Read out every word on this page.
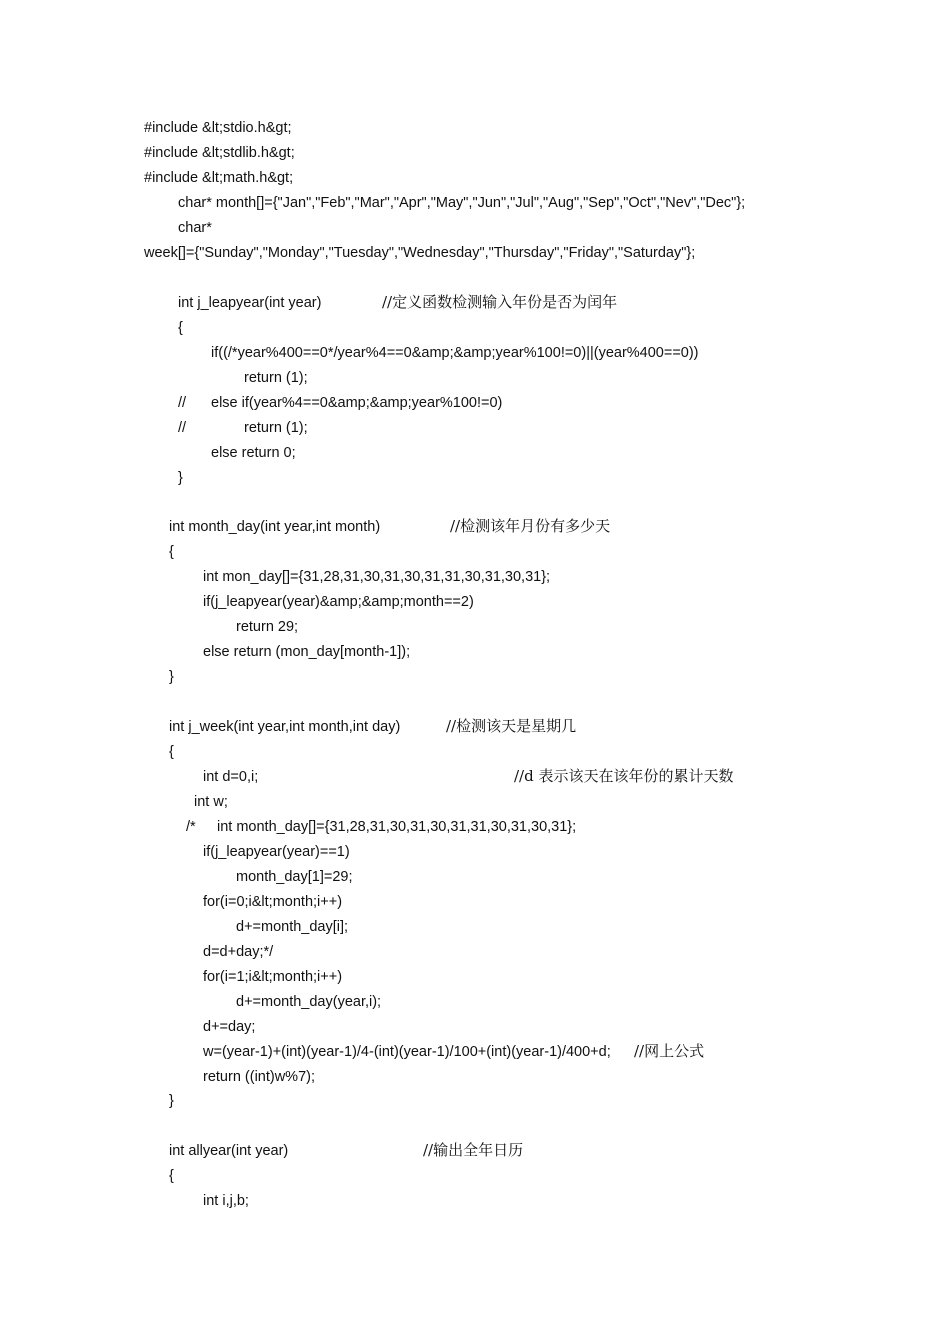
#include &lt;stdio.h&gt;
#include &lt;stdlib.h&gt;
#include &lt;math.h&gt;
char* month[]={"Jan","Feb","Mar","Apr","May","Jun","Jul","Aug","Sep","Oct","Nev","Dec"};
char*
week[]={"Sunday","Monday","Tuesday","Wednesday","Thursday","Friday","Saturday"};
int j_leapyear(int year)	//定义函数检测输入年份是否为闰年
{
if((/*year%400==0*/year%4==0&amp;&amp;year%100!=0)||(year%400==0))
return (1);
// else if(year%4==0&amp;&amp;year%100!=0)
//	return (1);
else return 0;
}
int month_day(int year,int month)	//检测该年月份有多少天
{
int mon_day[]={31,28,31,30,31,30,31,31,30,31,30,31};
if(j_leapyear(year)&amp;&amp;month==2)
return 29;
else return (mon_day[month-1]);
}
int j_week(int year,int month,int day)	//检测该天是星期几
{
int d=0,i;	//d 表示该天在该年份的累计天数
int w;
/* int month_day[]={31,28,31,30,31,30,31,31,30,31,30,31};
if(j_leapyear(year)==1)
month_day[1]=29;
for(i=0;i&lt;month;i++)
d+=month_day[i];
d=d+day;*/
for(i=1;i&lt;month;i++)
d+=month_day(year,i);
d+=day;
w=(year-1)+(int)(year-1)/4-(int)(year-1)/100+(int)(year-1)/400+d; //网上公式
return ((int)w%7);
}
int allyear(int year)	//输出全年日历
{
int i,j,b;
